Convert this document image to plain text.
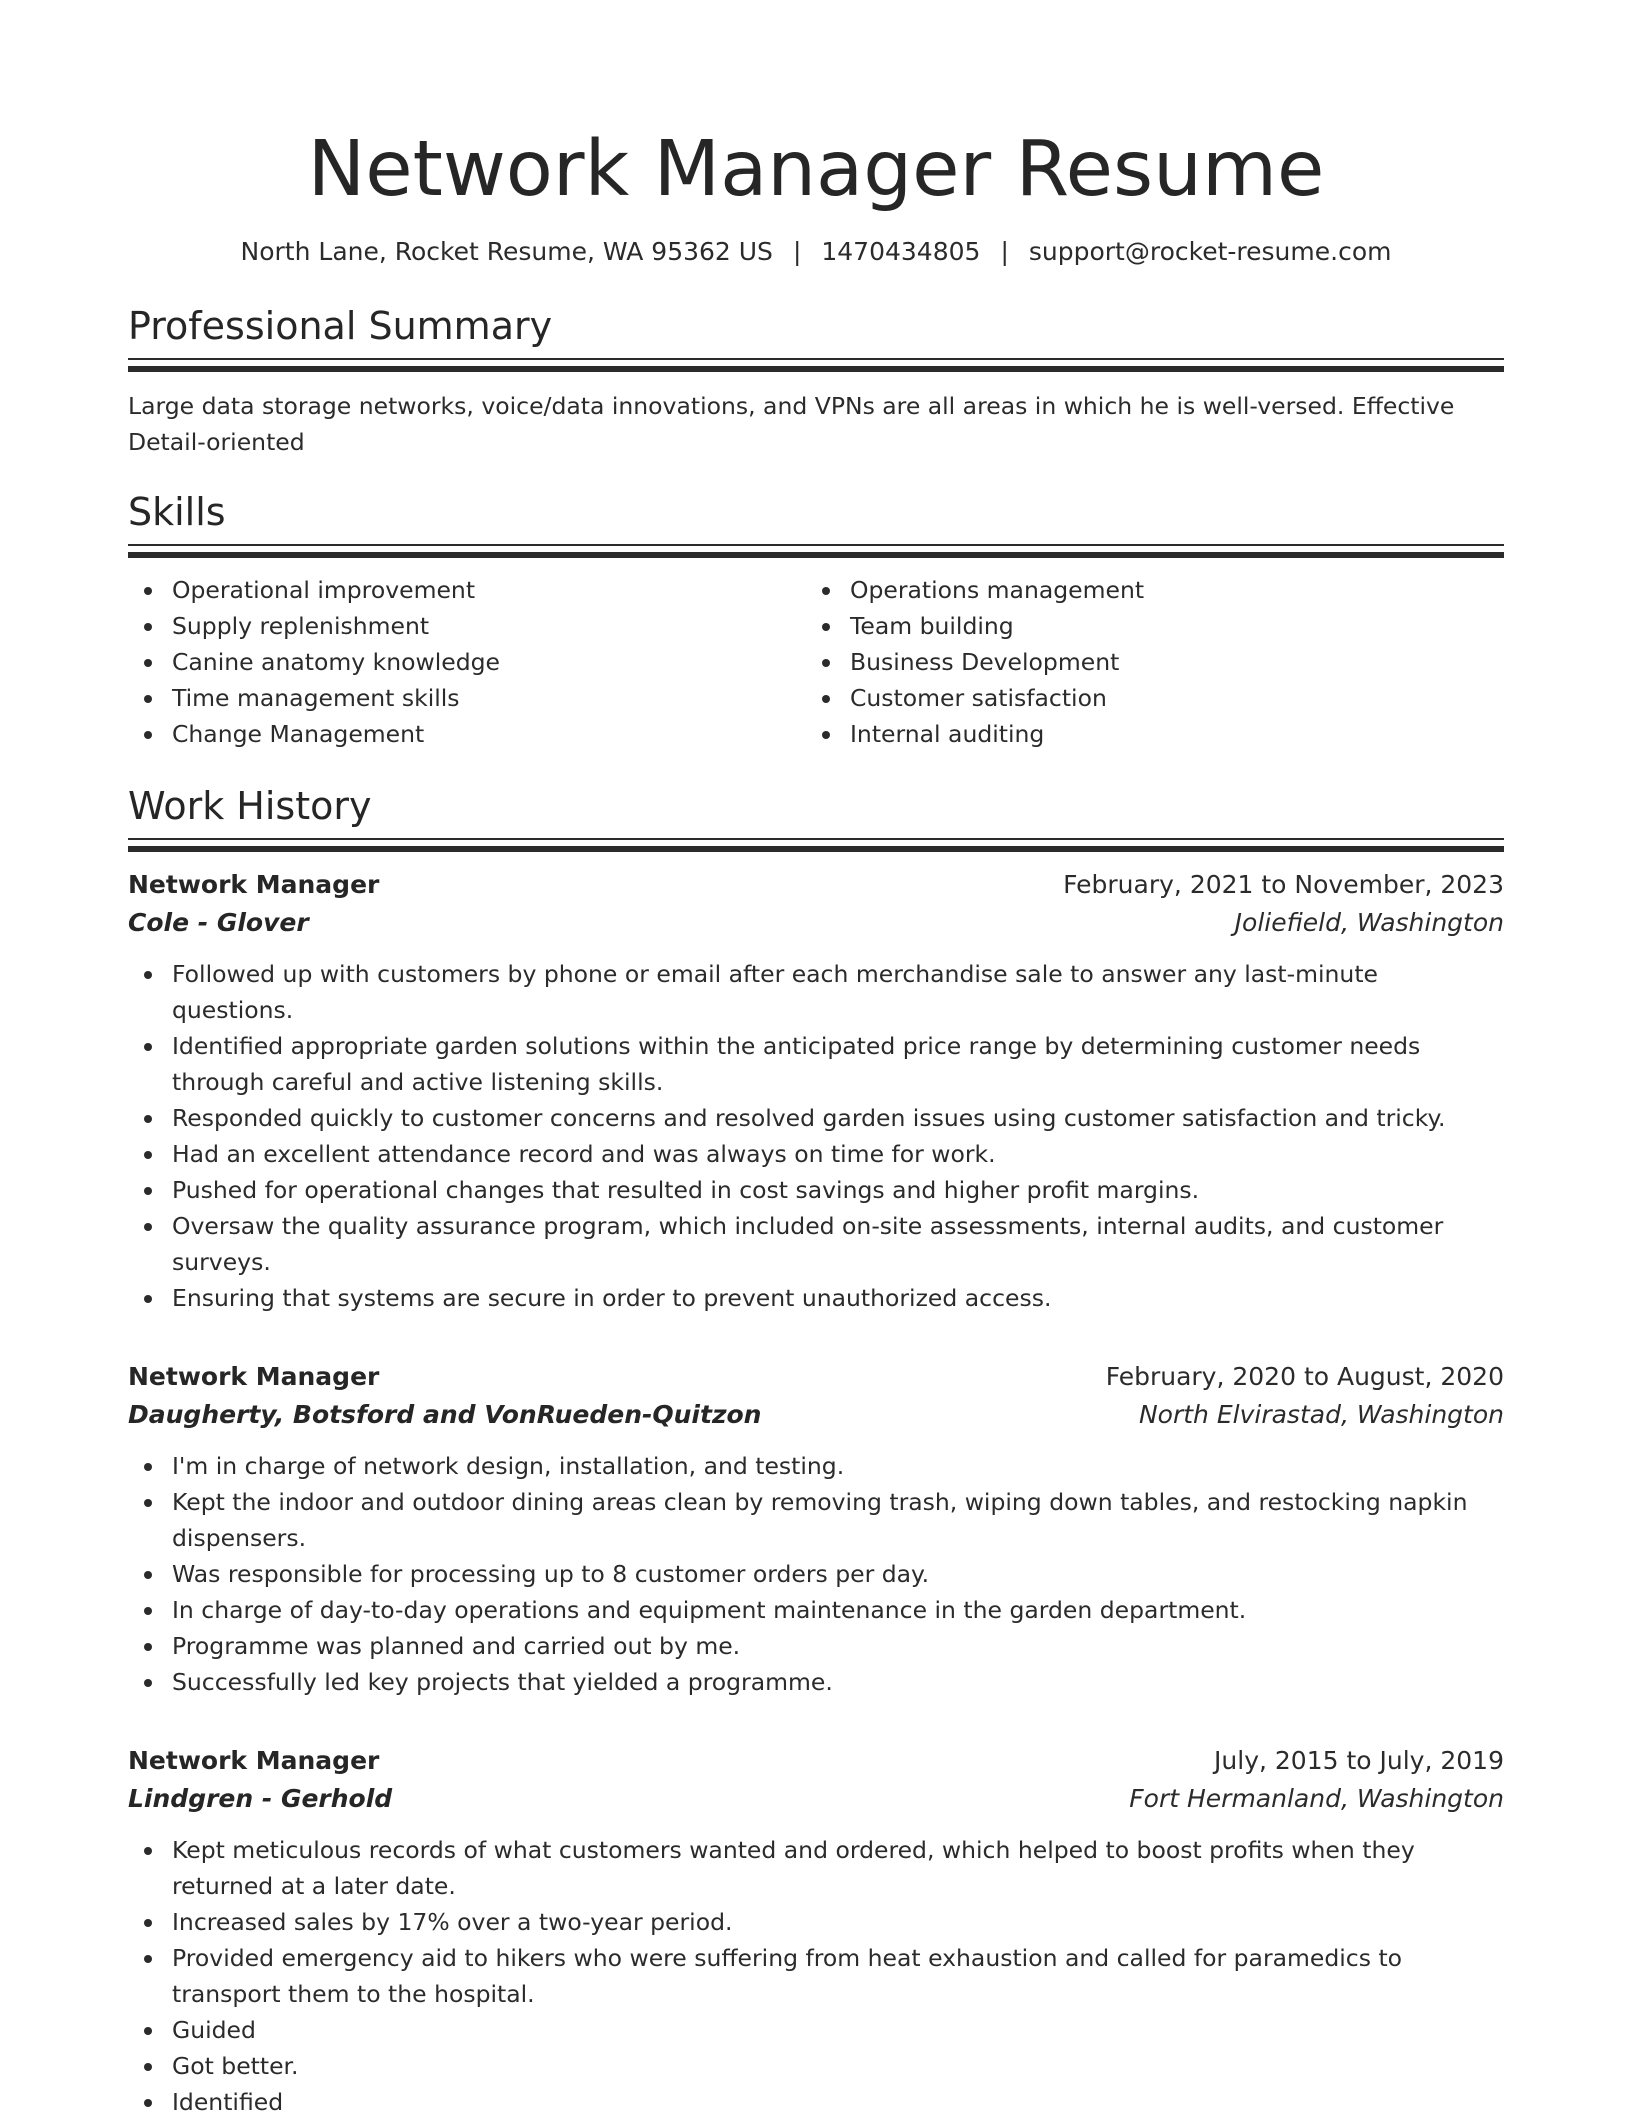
Network Manager Resume
North Lane, Rocket Resume, WA 95362 US | 1470434805 | support@rocket-resume.com
Professional Summary
Large data storage networks, voice/data innovations, and VPNs are all areas in which he is well-versed. Effective Detail-oriented
Skills
Operational improvement
Supply replenishment
Canine anatomy knowledge
Time management skills
Change Management
Operations management
Team building
Business Development
Customer satisfaction
Internal auditing
Work History
Network Manager	February, 2021 to November, 2023
Cole - Glover	Joliefield, Washington
Followed up with customers by phone or email after each merchandise sale to answer any last-minute questions.
Identified appropriate garden solutions within the anticipated price range by determining customer needs through careful and active listening skills.
Responded quickly to customer concerns and resolved garden issues using customer satisfaction and tricky.
Had an excellent attendance record and was always on time for work.
Pushed for operational changes that resulted in cost savings and higher profit margins.
Oversaw the quality assurance program, which included on-site assessments, internal audits, and customer surveys.
Ensuring that systems are secure in order to prevent unauthorized access.
Network Manager	February, 2020 to August, 2020
Daugherty, Botsford and VonRueden-Quitzon	North Elvirastad, Washington
I'm in charge of network design, installation, and testing.
Kept the indoor and outdoor dining areas clean by removing trash, wiping down tables, and restocking napkin dispensers.
Was responsible for processing up to 8 customer orders per day.
In charge of day-to-day operations and equipment maintenance in the garden department.
Programme was planned and carried out by me.
Successfully led key projects that yielded a programme.
Network Manager	July, 2015 to July, 2019
Lindgren - Gerhold	Fort Hermanland, Washington
Kept meticulous records of what customers wanted and ordered, which helped to boost profits when they returned at a later date.
Increased sales by 17% over a two-year period.
Provided emergency aid to hikers who were suffering from heat exhaustion and called for paramedics to transport them to the hospital.
Guided
Got better.
Identified
